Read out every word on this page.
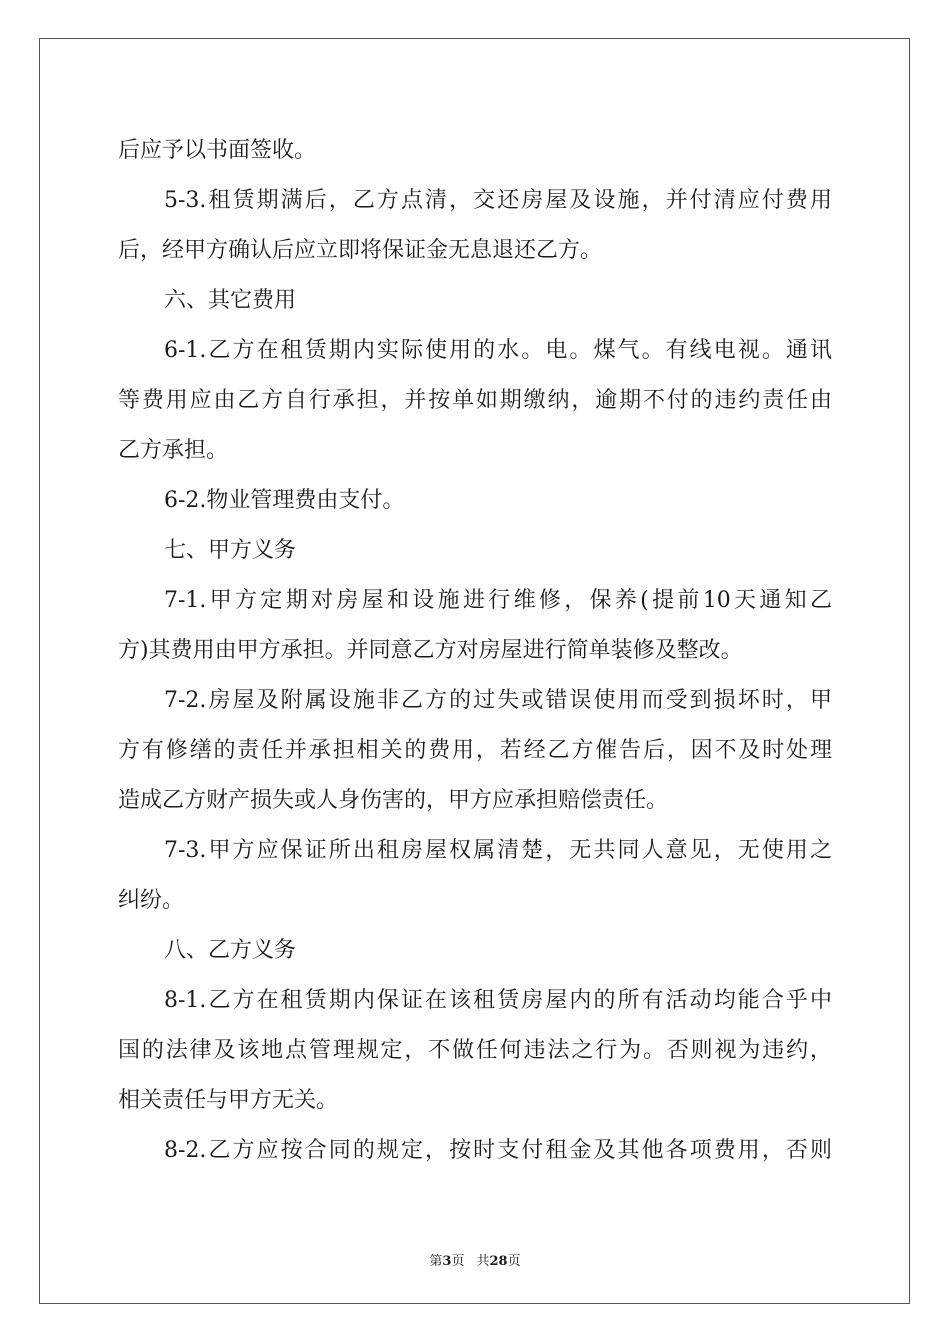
后应予以书面签收。
5-3.租赁期满后，乙方点清，交还房屋及设施，并付清应付费用
后，经甲方确认后应立即将保证金无息退还乙方。
六、其它费用
6-1.乙方在租赁期内实际使用的水。电。煤气。有线电视。通讯
等费用应由乙方自行承担，并按单如期缴纳，逾期不付的违约责任由
乙方承担。
6-2.物业管理费由支付。
七、甲方义务
7-1.甲方定期对房屋和设施进行维修，保养(提前10天通知乙
方)其费用由甲方承担。并同意乙方对房屋进行简单装修及整改。
7-2.房屋及附属设施非乙方的过失或错误使用而受到损坏时，甲
方有修缮的责任并承担相关的费用，若经乙方催告后，因不及时处理
造成乙方财产损失或人身伤害的，甲方应承担赔偿责任。
7-3.甲方应保证所出租房屋权属清楚，无共同人意见，无使用之
纠纷。
八、乙方义务
8-1.乙方在租赁期内保证在该租赁房屋内的所有活动均能合乎中
国的法律及该地点管理规定，不做任何违法之行为。否则视为违约，
相关责任与甲方无关。
8-2.乙方应按合同的规定，按时支付租金及其他各项费用，否则
第3页 共28页
